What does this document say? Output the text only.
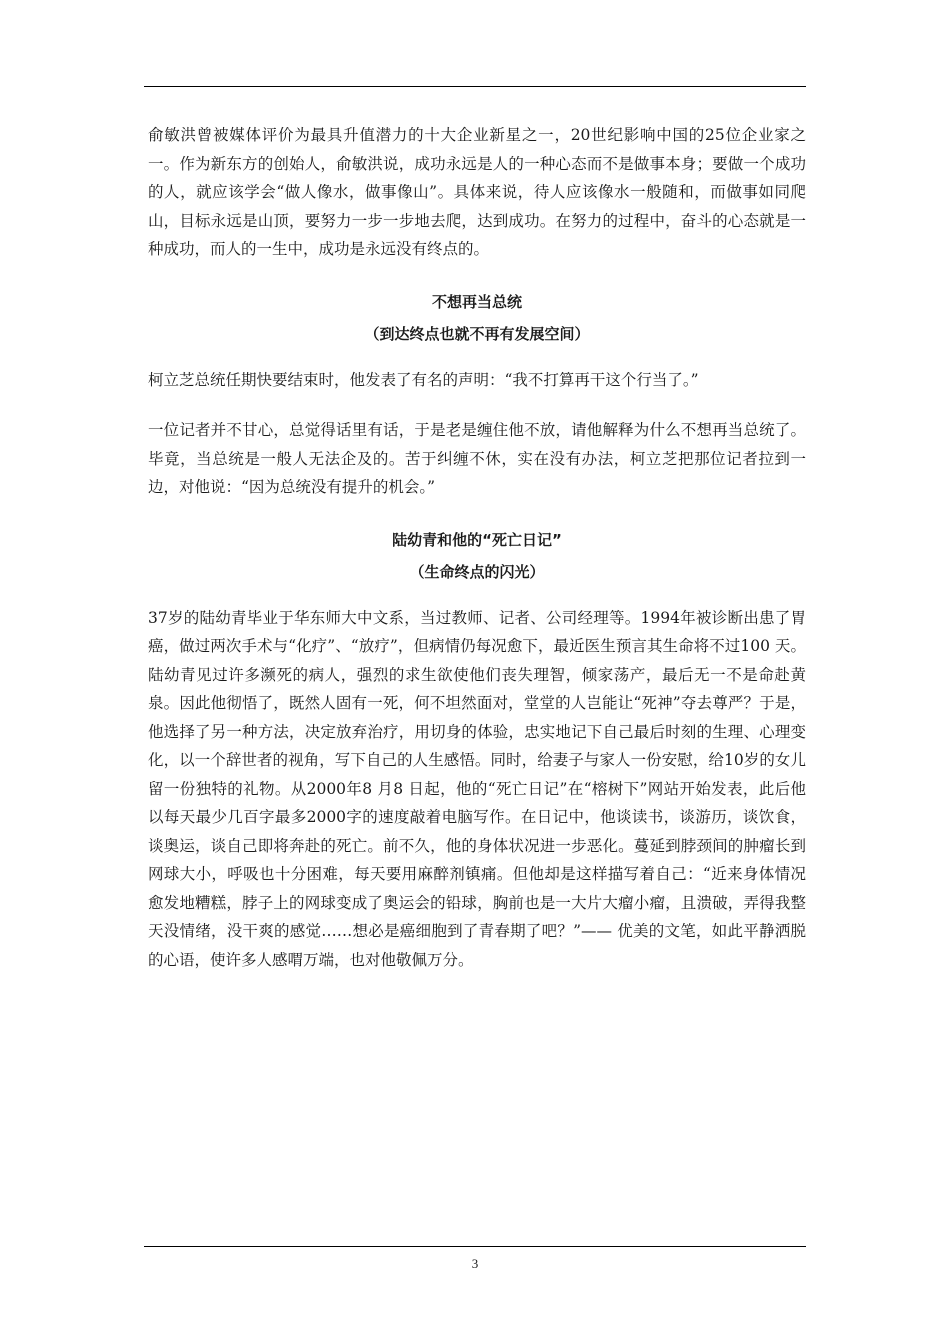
俞敏洪曾被媒体评价为最具升值潜力的十大企业新星之一，20世纪影响中国的25位企业家之一。作为新东方的创始人，俞敏洪说，成功永远是人的一种心态而不是做事本身；要做一个成功的人，就应该学会“做人像水，做事像山”。具体来说，待人应该像水一般随和，而做事如同爬山，目标永远是山顶，要努力一步一步地去爬，达到成功。在努力的过程中，奋斗的心态就是一种成功，而人的一生中，成功是永远没有终点的。

不想再当总统

（到达终点也就不再有发展空间）

柯立芝总统任期快要结束时，他发表了有名的声明：“我不打算再干这个行当了。”

一位记者并不甘心，总觉得话里有话，于是老是缠住他不放，请他解释为什么不想再当总统了。毕竟，当总统是一般人无法企及的。苦于纠缠不休，实在没有办法，柯立芝把那位记者拉到一边，对他说：“因为总统没有提升的机会。”

陆幼青和他的“死亡日记”

（生命终点的闪光）

37岁的陆幼青毕业于华东师大中文系，当过教师、记者、公司经理等。1994年被诊断出患了胃癌，做过两次手术与“化疗”、“放疗”，但病情仍每况愈下，最近医生预言其生命将不过100 天。陆幼青见过许多濒死的病人，强烈的求生欲使他们丧失理智，倾家荡产，最后无一不是命赴黄泉。因此他彻悟了，既然人固有一死，何不坦然面对，堂堂的人岂能让“死神”夺去尊严？于是，他选择了另一种方法，决定放弃治疗，用切身的体验，忠实地记下自己最后时刻的生理、心理变化，以一个辞世者的视角，写下自己的人生感悟。同时，给妻子与家人一份安慰，给10岁的女儿留一份独特的礼物。从2000年8 月8 日起，他的“死亡日记”在“榕树下”网站开始发表，此后他以每天最少几百字最多2000字的速度敲着电脑写作。在日记中，他谈读书，谈游历，谈饮食，谈奥运，谈自己即将奔赴的死亡。前不久，他的身体状况进一步恶化。蔓延到脖颈间的肿瘤长到网球大小，呼吸也十分困难，每天要用麻醉剂镇痛。但他却是这样描写着自己：“近来身体情况愈发地糟糕，脖子上的网球变成了奥运会的铅球，胸前也是一大片大瘤小瘤，且溃破，弄得我整天没情绪，没干爽的感觉……想必是癌细胞到了青春期了吧？”—— 优美的文笔，如此平静洒脱的心语，使许多人感喟万端，也对他敬佩万分。

3
